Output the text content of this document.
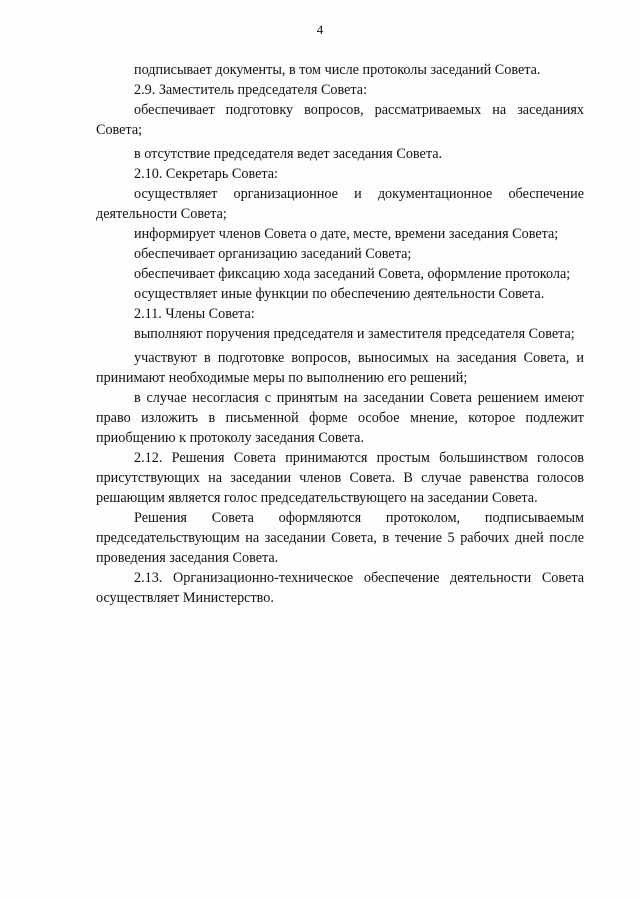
4

подписывает документы, в том числе протоколы заседаний Совета.

2.9. Заместитель председателя Совета:

обеспечивает подготовку вопросов, рассматриваемых на заседаниях Совета;

в отсутствие председателя ведет заседания Совета.

2.10. Секретарь Совета:

осуществляет организационное и документационное обеспечение деятельности Совета;

информирует членов Совета о дате, месте, времени заседания Совета;

обеспечивает организацию заседаний Совета;

обеспечивает фиксацию хода заседаний Совета, оформление протокола;

осуществляет иные функции по обеспечению деятельности Совета.

2.11. Члены Совета:

выполняют поручения председателя и заместителя председателя Совета;

участвуют в подготовке вопросов, выносимых на заседания Совета, и принимают необходимые меры по выполнению его решений;

в случае несогласия с принятым на заседании Совета решением имеют право изложить в письменной форме особое мнение, которое подлежит приобщению к протоколу заседания Совета.

2.12. Решения Совета принимаются простым большинством голосов присутствующих на заседании членов Совета. В случае равенства голосов решающим является голос председательствующего на заседании Совета.

Решения Совета оформляются протоколом, подписываемым председательствующим на заседании Совета, в течение 5 рабочих дней после проведения заседания Совета.

2.13. Организационно-техническое обеспечение деятельности Совета осуществляет Министерство.
